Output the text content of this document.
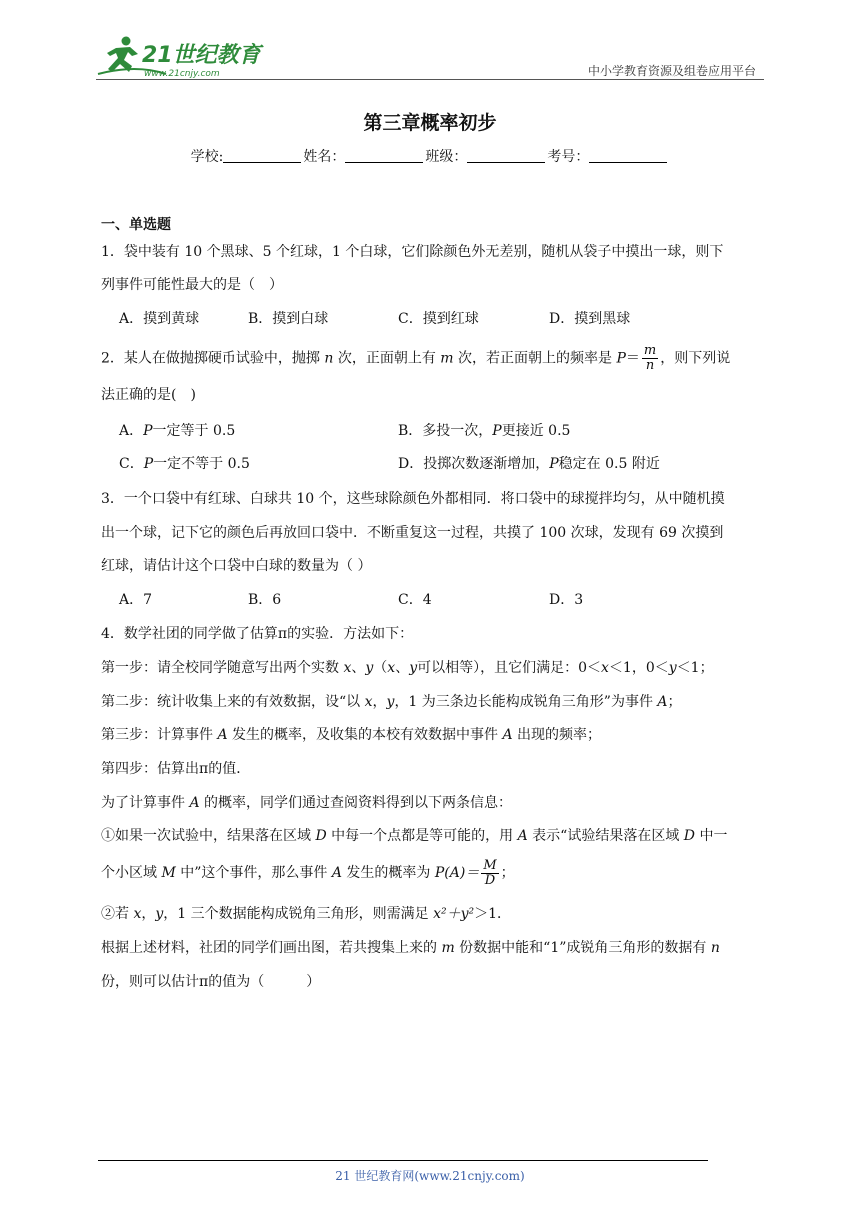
21世纪教育
www.21cnjy.com	中小学教育资源及组卷应用平台
第三章概率初步
学校:	姓名：	班级：	考号：
一、单选题
1．袋中装有 10 个黑球、5 个红球，1 个白球，它们除颜色外无差别，随机从袋子中摸出一球，则下
列事件可能性最大的是（　）
A．摸到黄球	B．摸到白球	C．摸到红球	D．摸到黑球
2．某人在做抛掷硬币试验中，抛掷 n 次，正面朝上有 m 次，若正面朝上的频率是 $P= \frac{m}{n}$ ，则下列说
法正确的是(　)
A．P一定等于 0.5	B．多投一次，P更接近 0.5
C．P一定不等于 0.5	D．投掷次数逐渐增加，P稳定在 0.5 附近
3．一个口袋中有红球、白球共 10 个，这些球除颜色外都相同．将口袋中的球搅拌均匀，从中随机摸
出一个球，记下它的颜色后再放回口袋中．不断重复这一过程，共摸了 100 次球，发现有 69 次摸到
红球，请估计这个口袋中白球的数量为（ ）
A．7	B．6	C．4	D．3
4．数学社团的同学做了估算π的实验．方法如下：
第一步：请全校同学随意写出两个实数 x、y（x、y可以相等），且它们满足：0＜x＜1，0＜y＜1；
第二步：统计收集上来的有效数据，设“以 x，y，1 为三条边长能构成锐角三角形”为事件 A；
第三步：计算事件 A 发生的概率，及收集的本校有效数据中事件 A 出现的频率；
第四步：估算出π的值．
为了计算事件 A 的概率，同学们通过查阅资料得到以下两条信息：
①如果一次试验中，结果落在区域 D 中每一个点都是等可能的，用 A 表示“试验结果落在区域 D 中一
个小区域 M 中”这个事件，那么事件 A 发生的概率为 $P(A)= \frac{M}{D}$ ；
②若 x，y，1 三个数据能构成锐角三角形，则需满足 x²＋y²＞1．
根据上述材料，社团的同学们画出图，若共搜集上来的 m 份数据中能和“1”成锐角三角形的数据有 n
份，则可以估计π的值为（　　　）
21 世纪教育网(www.21cnjy.com)
